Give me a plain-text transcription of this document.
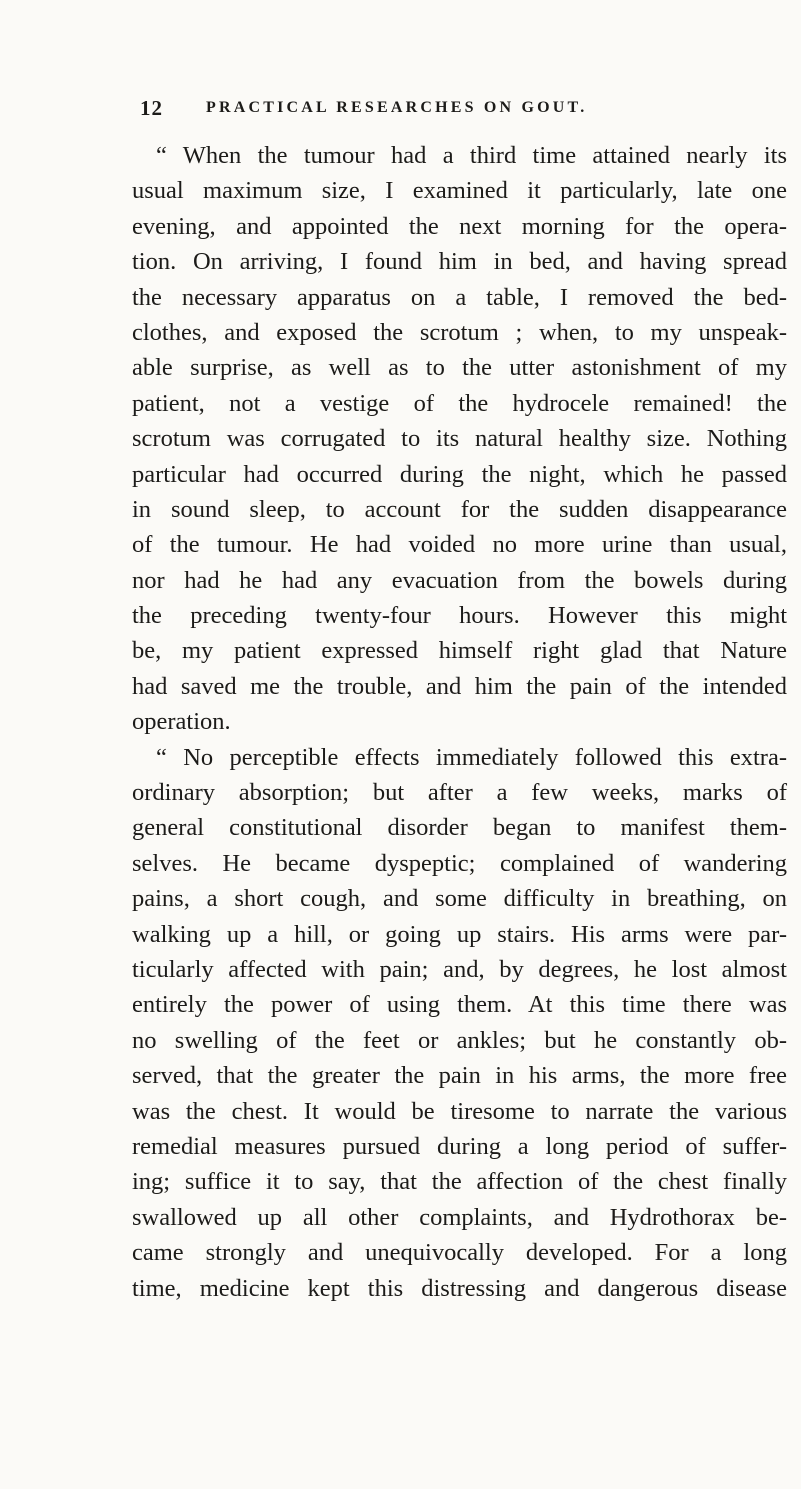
12	PRACTICAL RESEARCHES ON GOUT.
“ When the tumour had a third time attained nearly its
usual maximum size, I examined it particularly, late one
evening, and appointed the next morning for the opera-
tion. On arriving, I found him in bed, and having spread
the necessary apparatus on a table, I removed the bed-
clothes, and exposed the scrotum ; when, to my unspeak-
able surprise, as well as to the utter astonishment of my
patient, not a vestige of the hydrocele remained! the
scrotum was corrugated to its natural healthy size. Nothing
particular had occurred during the night, which he passed
in sound sleep, to account for the sudden disappearance
of the tumour. He had voided no more urine than usual,
nor had he had any evacuation from the bowels during
the preceding twenty-four hours. However this might
be, my patient expressed himself right glad that Nature
had saved me the trouble, and him the pain of the intended
operation.
“ No perceptible effects immediately followed this extra-
ordinary absorption; but after a few weeks, marks of
general constitutional disorder began to manifest them-
selves. He became dyspeptic; complained of wandering
pains, a short cough, and some difficulty in breathing, on
walking up a hill, or going up stairs. His arms were par-
ticularly affected with pain; and, by degrees, he lost almost
entirely the power of using them. At this time there was
no swelling of the feet or ankles; but he constantly ob-
served, that the greater the pain in his arms, the more free
was the chest. It would be tiresome to narrate the various
remedial measures pursued during a long period of suffer-
ing; suffice it to say, that the affection of the chest finally
swallowed up all other complaints, and Hydrothorax be-
came strongly and unequivocally developed. For a long
time, medicine kept this distressing and dangerous disease
